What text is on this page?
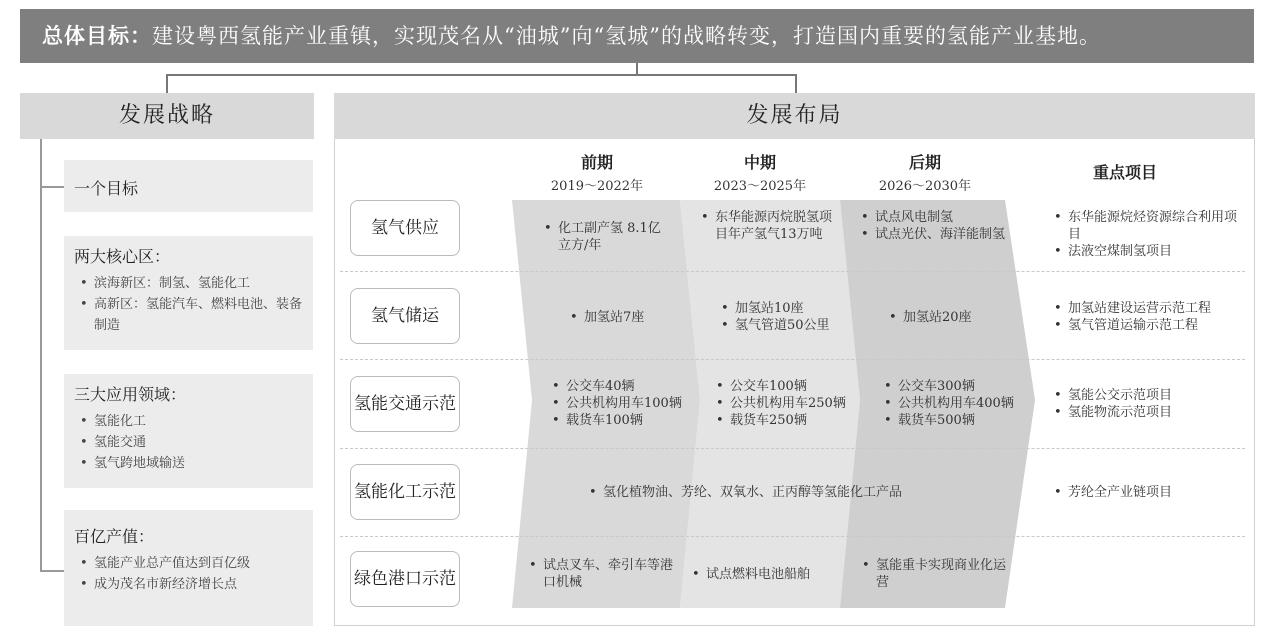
总体目标：建设粤西氢能产业重镇，实现茂名从“油城”向“氢城”的战略转变，打造国内重要的氢能产业基地。
发展战略
一个目标
两大核心区：
• 滨海新区：制氢、氢能化工
• 高新区：氢能汽车、燃料电池、装备制造
三大应用领域：
• 氢能化工
• 氢能交通
• 氢气跨地域输送
百亿产值：
• 氢能产业总产值达到百亿级
• 成为茂名市新经济增长点
发展布局
前期
2019～2022年
中期
2023～2025年
后期
2026～2030年
重点项目
氢气供应
氢气储运
氢能交通示范
氢能化工示范
绿色港口示范
• 化工副产氢 8.1亿立方/年
• 东华能源丙烷脱氢项目年产氢气13万吨
• 试点风电制氢
• 试点光伏、海洋能制氢
• 东华能源烷烃资源综合利用项目
• 法液空煤制氢项目
• 加氢站7座
• 加氢站10座
• 氢气管道50公里
• 加氢站20座
• 加氢站建设运营示范工程
• 氢气管道运输示范工程
• 公交车40辆
• 公共机构用车100辆
• 载货车100辆
• 公交车100辆
• 公共机构用车250辆
• 载货车250辆
• 公交车300辆
• 公共机构用车400辆
• 载货车500辆
• 氢能公交示范项目
• 氢能物流示范项目
• 氢化植物油、芳纶、双氧水、正丙醇等氢能化工产品
•	芳纶全产业链项目
• 试点叉车、牵引车等港口机械
• 试点燃料电池船舶
• 氢能重卡实现商业化运营
